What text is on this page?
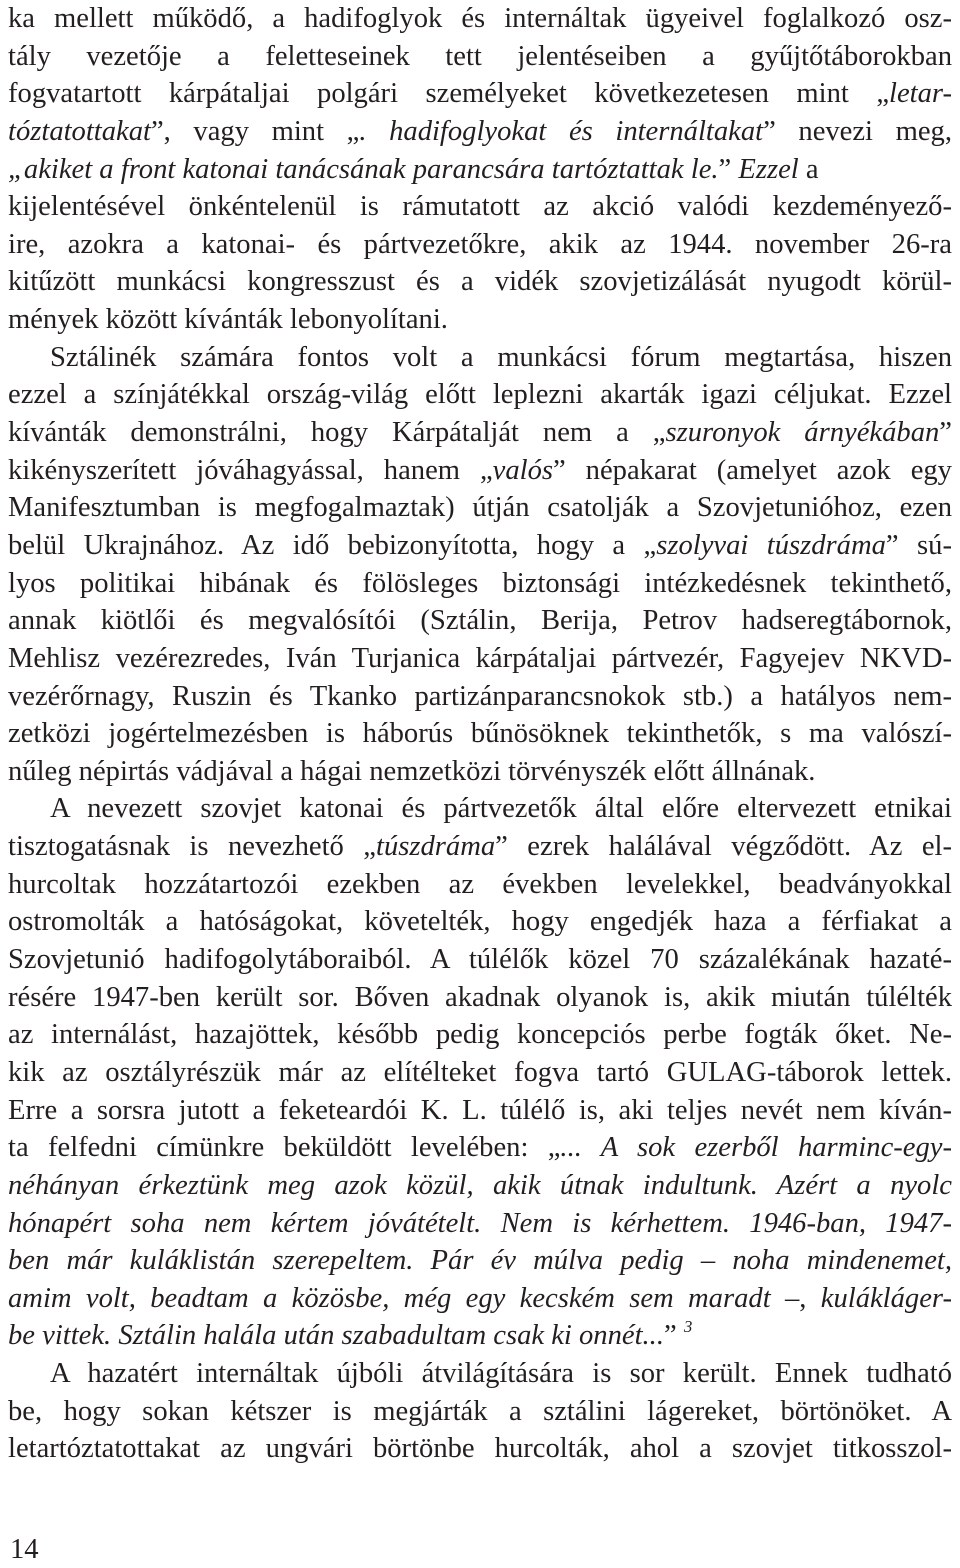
ka mellett működő, a hadifoglyok és internáltak ügyeivel foglalkozó osz-
tály vezetője a feletteseinek tett jelentéseiben a gyűjtőtáborokban
fogvatartott kárpátaljai polgári személyeket következetesen mint „letar-
tóztatottakat”, vagy mint „. hadifoglyokat és internáltakat” nevezi meg,
„akiket a front katonai tanácsának parancsára tartóztattak le.” Ezzel a
kijelentésével önkéntelenül is rámutatott az akció valódi kezdeményező-
ire, azokra a katonai- és pártvezetőkre, akik az 1944. november 26-ra
kitűzött munkácsi kongresszust és a vidék szovjetizálását nyugodt körül-
mények között kívánták lebonyolítani.
Sztálinék számára fontos volt a munkácsi fórum megtartása, hiszen
ezzel a színjátékkal ország-világ előtt leplezni akarták igazi céljukat. Ezzel
kívánták demonstrálni, hogy Kárpátalját nem a „szuronyok árnyékában”
kikényszerített jóváhagyással, hanem „valós” népakarat (amelyet azok egy
Manifesztumban is megfogalmaztak) útján csatolják a Szovjetunióhoz, ezen
belül Ukrajnához. Az idő bebizonyította, hogy a „szolyvai túszdráma” sú-
lyos politikai hibának és fölösleges biztonsági intézkedésnek tekinthető,
annak kiötlői és megvalósítói (Sztálin, Berija, Petrov hadseregtábornok,
Mehlisz vezérezredes, Iván Turjanica kárpátaljai pártvezér, Fagyejev NKVD-
vezérőrnagy, Ruszin és Tkanko partizánparancsnokok stb.) a hatályos nem-
zetközi jogértelmezésben is háborús bűnösöknek tekinthetők, s ma valószí-
nűleg népirtás vádjával a hágai nemzetközi törvényszék előtt állnának.
A nevezett szovjet katonai és pártvezetők által előre eltervezett etnikai
tisztogatásnak is nevezhető „túszdráma” ezrek halálával végződött. Az el-
hurcoltak hozzátartozói ezekben az években levelekkel, beadványokkal
ostromolták a hatóságokat, követelték, hogy engedjék haza a férfiakat a
Szovjetunió hadifogolytáboraiból. A túlélők közel 70 százalékának hazaté-
résére 1947-ben került sor. Bőven akadnak olyanok is, akik miután túlélték
az internálást, hazajöttek, később pedig koncepciós perbe fogták őket. Ne-
kik az osztályrészük már az elítélteket fogva tartó GULAG-táborok lettek.
Erre a sorsra jutott a feketeardói K. L. túlélő is, aki teljes nevét nem kíván-
ta felfedni címünkre beküldött levelében: „... A sok ezerből harminc-egy-
néhányan érkeztünk meg azok közül, akik útnak indultunk. Azért a nyolc
hónapért soha nem kértem jóvátételt. Nem is kérhettem. 1946-ban, 1947-
ben már kuláklistán szerepeltem. Pár év múlva pedig – noha mindenemet,
amim volt, beadtam a közösbe, még egy kecském sem maradt –, kulákláger-
be vittek. Sztálin halála után szabadultam csak ki onnét...” $^3$
A hazatért internáltak újbóli átvilágítására is sor került. Ennek tudható
be, hogy sokan kétszer is megjárták a sztálini lágereket, börtönöket. A
letartóztatottakat az ungvári börtönbe hurcolták, ahol a szovjet titkosszol-
14
